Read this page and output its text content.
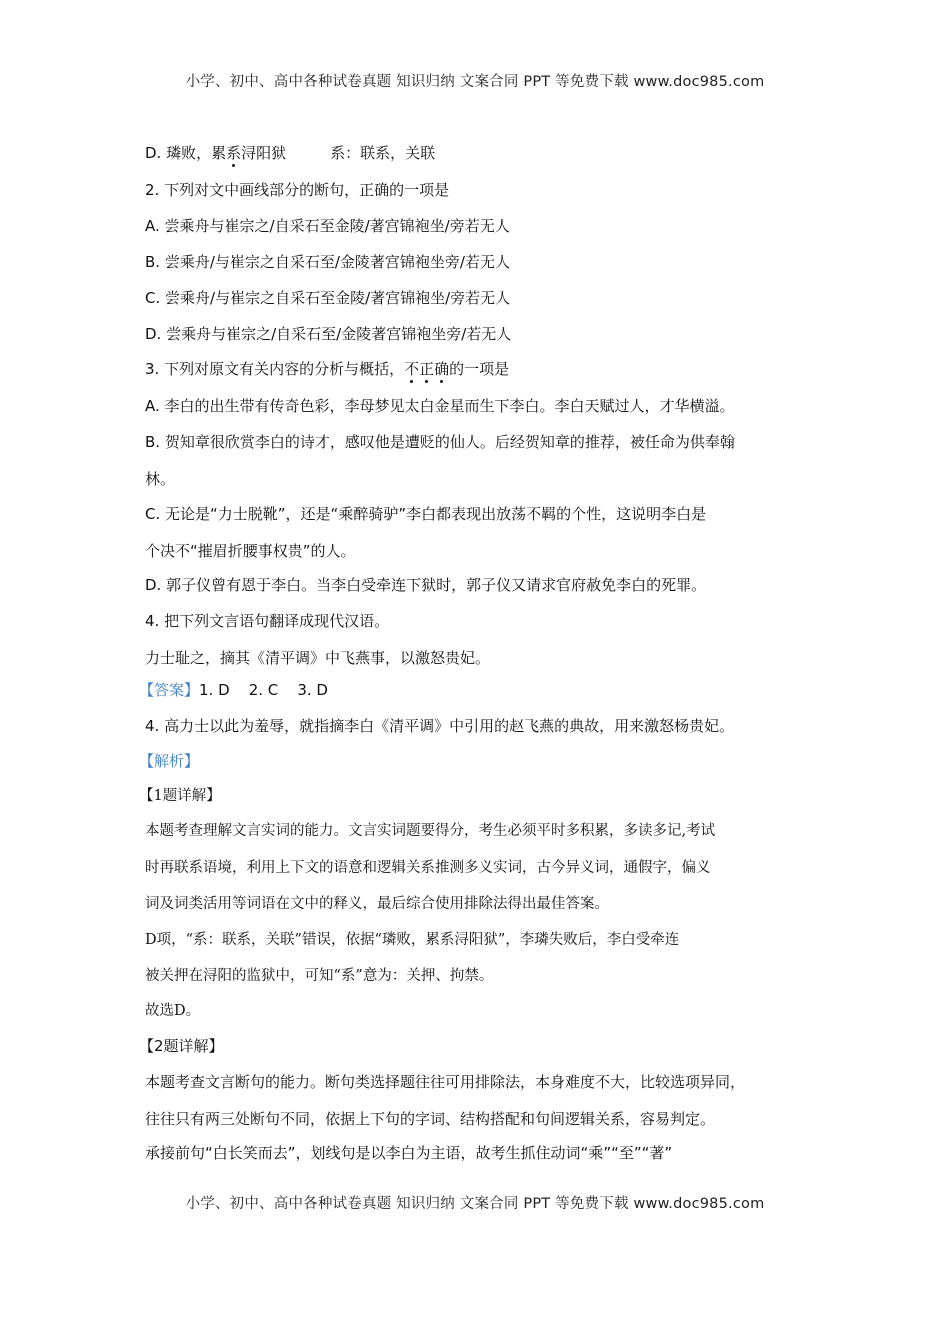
小学、初中、高中各种试卷真题 知识归纳 文案合同 PPT 等免费下载 www.doc985.com
D. 璘败，累系浔阳狱	系：联系，关联
2. 下列对文中画线部分的断句，正确的一项是
A. 尝乘舟与崔宗之/自采石至金陵/著宫锦袍坐/旁若无人
B. 尝乘舟/与崔宗之自采石至/金陵著宫锦袍坐旁/若无人
C. 尝乘舟/与崔宗之自采石至金陵/著宫锦袍坐/旁若无人
D. 尝乘舟与崔宗之/自采石至/金陵著宫锦袍坐旁/若无人
3. 下列对原文有关内容的分析与概括，不正确的一项是
A. 李白的出生带有传奇色彩，李母梦见太白金星而生下李白。李白天赋过人，才华横溢。
B. 贺知章很欣赏李白的诗才，感叹他是遭贬的仙人。后经贺知章的推荐，被任命为供奉翰
林。
C. 无论是“力士脱靴”，还是“乘醉骑驴”李白都表现出放荡不羁的个性，这说明李白是
个决不“摧眉折腰事权贵”的人。
D. 郭子仪曾有恩于李白。当李白受牵连下狱时，郭子仪又请求官府赦免李白的死罪。
4. 把下列文言语句翻译成现代汉语。
力士耻之，摘其《清平调》中飞燕事，以激怒贵妃。
【答案】1. D    2. C    3. D
4. 高力士以此为羞辱，就指摘李白《清平调》中引用的赵飞燕的典故，用来激怒杨贵妃。
【解析】
【1题详解】
本题考查理解文言实词的能力。文言实词题要得分，考生必须平时多积累，多读多记,考试
时再联系语境，利用上下文的语意和逻辑关系推测多义实词，古今异义词，通假字，偏义
词及词类活用等词语在文中的释义，最后综合使用排除法得出最佳答案。
D项，“系：联系，关联”错误，依据“璘败，累系浔阳狱”，李璘失败后，李白受牵连
被关押在浔阳的监狱中，可知“系”意为：关押、拘禁。
故选D。
【2题详解】
本题考查文言断句的能力。断句类选择题往往可用排除法，本身难度不大，比较选项异同，
往往只有两三处断句不同，依据上下句的字词、结构搭配和句间逻辑关系，容易判定。
承接前句“白长笑而去”，划线句是以李白为主语，故考生抓住动词“乘”“至”“著”
小学、初中、高中各种试卷真题 知识归纳 文案合同 PPT 等免费下载 www.doc985.com
